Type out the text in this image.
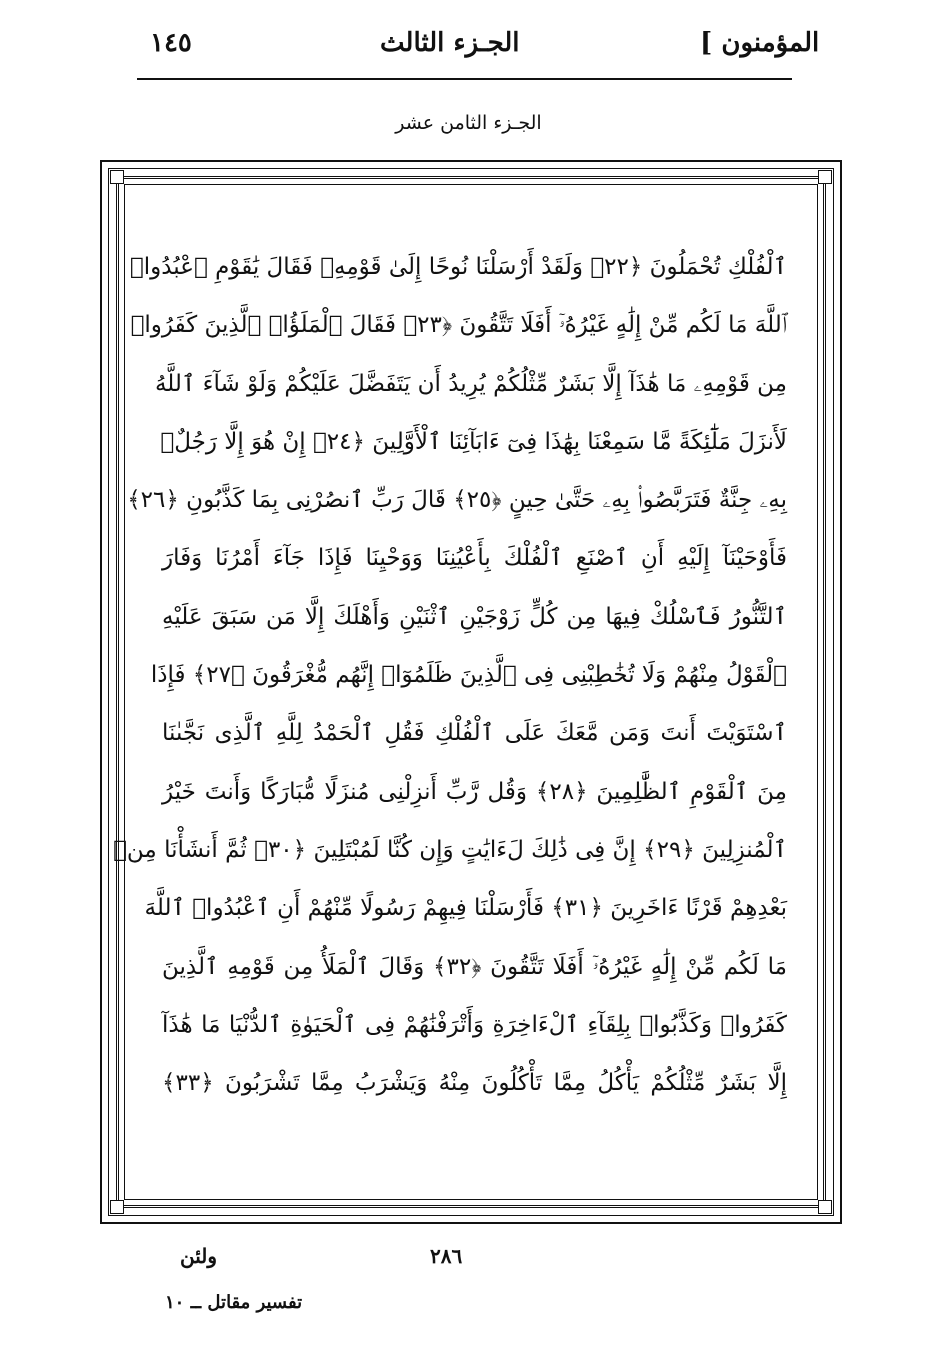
المؤمنون ]
الجـزء الثالث
١٤٥
الجـزء الثامن عشر
ٱلْفُلْكِ تُحْمَلُونَ ﴿٢٢﴾ وَلَقَدْ أَرْسَلْنَا نُوحًا إِلَىٰ قَوْمِهِۦ فَقَالَ يَٰقَوْمِ ٱعْبُدُوا۟
ٱللَّهَ مَا لَكُم مِّنْ إِلَٰهٍ غَيْرُهُۥٓ أَفَلَا تَتَّقُونَ ﴿٢٣﴾ فَقَالَ ٱلْمَلَؤُا۟ ٱلَّذِينَ كَفَرُوا۟
مِن قَوْمِهِۦ مَا هَٰذَآ إِلَّا بَشَرٌ مِّثْلُكُمْ يُرِيدُ أَن يَتَفَضَّلَ عَلَيْكُمْ وَلَوْ شَآءَ ٱللَّهُ
لَأَنزَلَ مَلَٰٓئِكَةً مَّا سَمِعْنَا بِهَٰذَا فِىٓ ءَابَآئِنَا ٱلْأَوَّلِينَ ﴿٢٤﴾ إِنْ هُوَ إِلَّا رَجُلٌۢ
بِهِۦ جِنَّةٌ فَتَرَبَّصُوا۟ بِهِۦ حَتَّىٰ حِينٍ ﴿٢٥﴾ قَالَ رَبِّ ٱنصُرْنِى بِمَا كَذَّبُونِ ﴿٢٦﴾
فَأَوْحَيْنَآ إِلَيْهِ أَنِ ٱصْنَعِ ٱلْفُلْكَ بِأَعْيُنِنَا وَوَحْيِنَا فَإِذَا جَآءَ أَمْرُنَا وَفَارَ
ٱلتَّنُّورُ فَٱسْلُكْ فِيهَا مِن كُلٍّ زَوْجَيْنِ ٱثْنَيْنِ وَأَهْلَكَ إِلَّا مَن سَبَقَ عَلَيْهِ
ٱلْقَوْلُ مِنْهُمْ وَلَا تُخَٰطِبْنِى فِى ٱلَّذِينَ ظَلَمُوٓا۟ إِنَّهُم مُّغْرَقُونَ ﴿٢٧﴾ فَإِذَا
ٱسْتَوَيْتَ أَنتَ وَمَن مَّعَكَ عَلَى ٱلْفُلْكِ فَقُلِ ٱلْحَمْدُ لِلَّهِ ٱلَّذِى نَجَّىٰنَا
مِنَ ٱلْقَوْمِ ٱلظَّٰلِمِينَ ﴿٢٨﴾ وَقُل رَّبِّ أَنزِلْنِى مُنزَلًا مُّبَارَكًا وَأَنتَ خَيْرُ
ٱلْمُنزِلِينَ ﴿٢٩﴾ إِنَّ فِى ذَٰلِكَ لَءَايَٰتٍ وَإِن كُنَّا لَمُبْتَلِينَ ﴿٣٠﴾ ثُمَّ أَنشَأْنَا مِنۢ
بَعْدِهِمْ قَرْنًا ءَاخَرِينَ ﴿٣١﴾ فَأَرْسَلْنَا فِيهِمْ رَسُولًا مِّنْهُمْ أَنِ ٱعْبُدُوا۟ ٱللَّهَ
مَا لَكُم مِّنْ إِلَٰهٍ غَيْرُهُۥٓ أَفَلَا تَتَّقُونَ ﴿٣٢﴾ وَقَالَ ٱلْمَلَأُ مِن قَوْمِهِ ٱلَّذِينَ
كَفَرُوا۟ وَكَذَّبُوا۟ بِلِقَآءِ ٱلْءَاخِرَةِ وَأَتْرَفْنَٰهُمْ فِى ٱلْحَيَوٰةِ ٱلدُّنْيَا مَا هَٰذَآ
إِلَّا بَشَرٌ مِّثْلُكُمْ يَأْكُلُ مِمَّا تَأْكُلُونَ مِنْهُ وَيَشْرَبُ مِمَّا تَشْرَبُونَ ﴿٣٣﴾
ولئن	٢٨٦
تفسير مقاتل ــ ١٠
